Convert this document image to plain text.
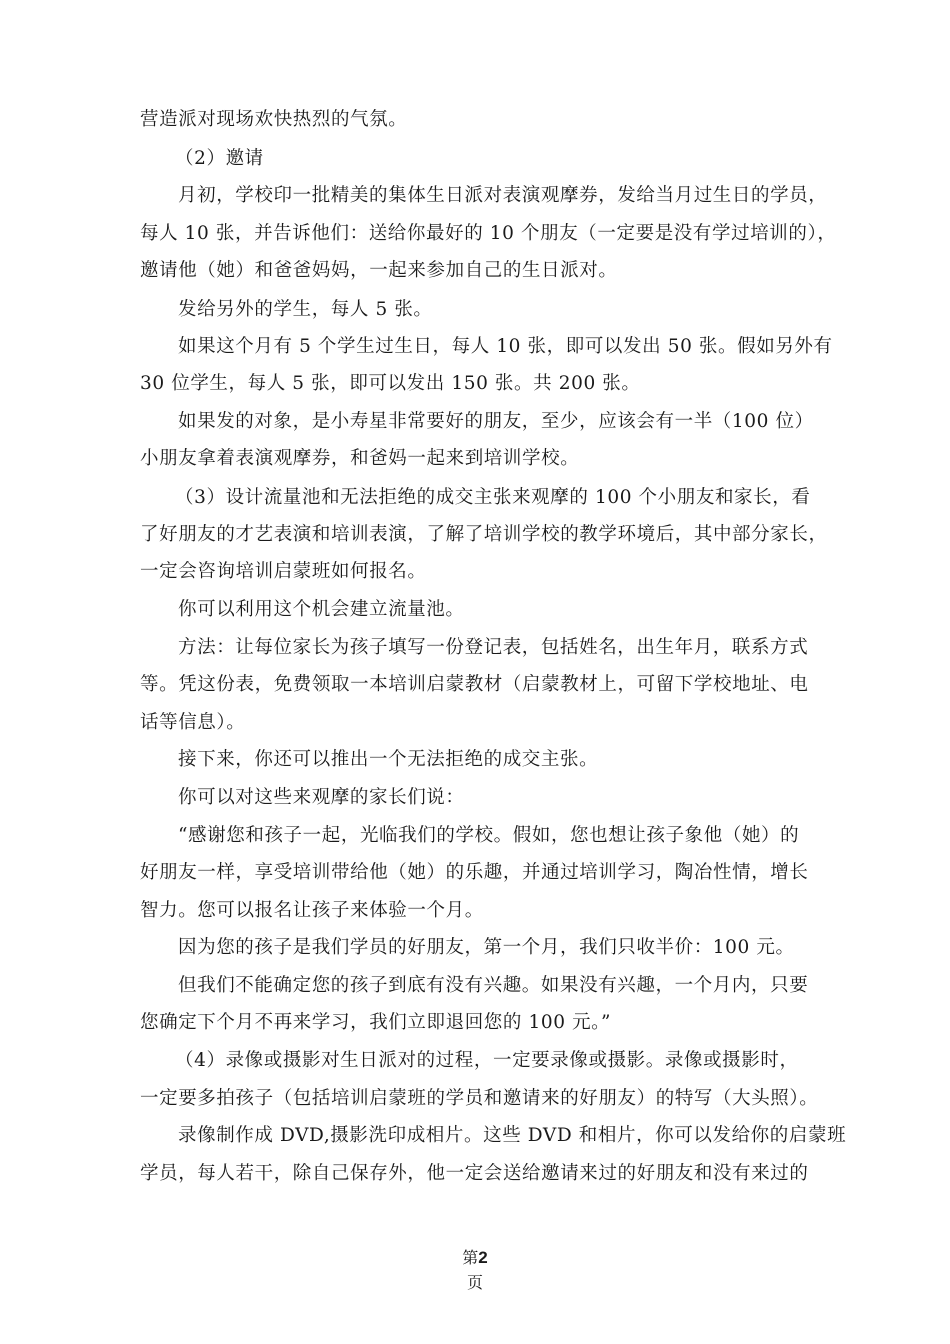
营造派对现场欢快热烈的气氛。
（2）邀请
月初，学校印一批精美的集体生日派对表演观摩券，发给当月过生日的学员，
每人 10 张，并告诉他们：送给你最好的 10 个朋友（一定要是没有学过培训的），
邀请他（她）和爸爸妈妈，一起来参加自己的生日派对。
发给另外的学生，每人 5 张。
如果这个月有 5 个学生过生日，每人 10 张，即可以发出 50 张。假如另外有
30 位学生，每人 5 张，即可以发出 150 张。共 200 张。
如果发的对象，是小寿星非常要好的朋友，至少，应该会有一半（100 位）
小朋友拿着表演观摩券，和爸妈一起来到培训学校。
（3）设计流量池和无法拒绝的成交主张来观摩的 100 个小朋友和家长，看
了好朋友的才艺表演和培训表演，了解了培训学校的教学环境后，其中部分家长，
一定会咨询培训启蒙班如何报名。
你可以利用这个机会建立流量池。
方法：让每位家长为孩子填写一份登记表，包括姓名，出生年月，联系方式
等。凭这份表，免费领取一本培训启蒙教材（启蒙教材上，可留下学校地址、电
话等信息）。
接下来，你还可以推出一个无法拒绝的成交主张。
你可以对这些来观摩的家长们说：
“感谢您和孩子一起，光临我们的学校。假如，您也想让孩子象他（她）的
好朋友一样，享受培训带给他（她）的乐趣，并通过培训学习，陶冶性情，增长
智力。您可以报名让孩子来体验一个月。
因为您的孩子是我们学员的好朋友，第一个月，我们只收半价：100 元。
但我们不能确定您的孩子到底有没有兴趣。如果没有兴趣，一个月内，只要
您确定下个月不再来学习，我们立即退回您的 100 元。”
（4）录像或摄影对生日派对的过程，一定要录像或摄影。录像或摄影时，
一定要多拍孩子（包括培训启蒙班的学员和邀请来的好朋友）的特写（大头照）。
录像制作成 DVD,摄影洗印成相片。这些 DVD 和相片，你可以发给你的启蒙班
学员，每人若干，除自己保存外，他一定会送给邀请来过的好朋友和没有来过的
第2
页
